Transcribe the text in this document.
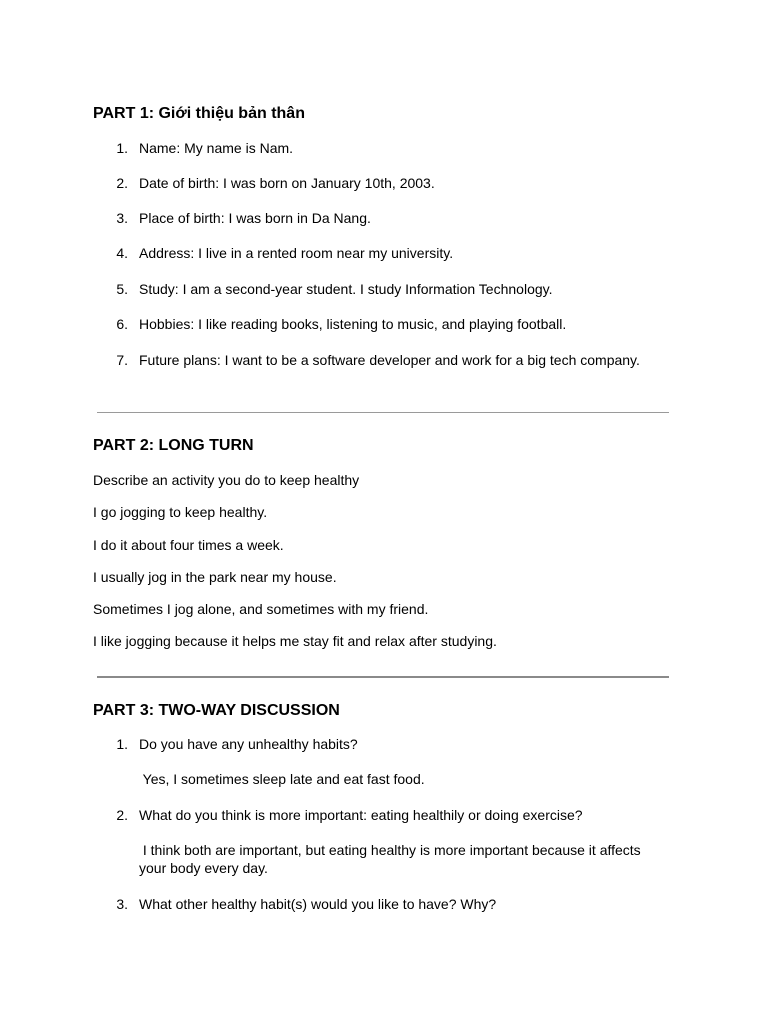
PART 1: Giới thiệu bản thân
1. Name: My name is Nam.
2. Date of birth: I was born on January 10th, 2003.
3. Place of birth: I was born in Da Nang.
4. Address: I live in a rented room near my university.
5. Study: I am a second-year student. I study Information Technology.
6. Hobbies: I like reading books, listening to music, and playing football.
7. Future plans: I want to be a software developer and work for a big tech company.
PART 2: LONG TURN

Describe an activity you do to keep healthy

I go jogging to keep healthy.

I do it about four times a week.

I usually jog in the park near my house.

Sometimes I jog alone, and sometimes with my friend.

I like jogging because it helps me stay fit and relax after studying.

PART 3: TWO-WAY DISCUSSION
1. Do you have any unhealthy habits?
Yes, I sometimes sleep late and eat fast food.
2. What do you think is more important: eating healthily or doing exercise?
I think both are important, but eating healthy is more important because it affects your body every day.
3. What other healthy habit(s) would you like to have? Why?
